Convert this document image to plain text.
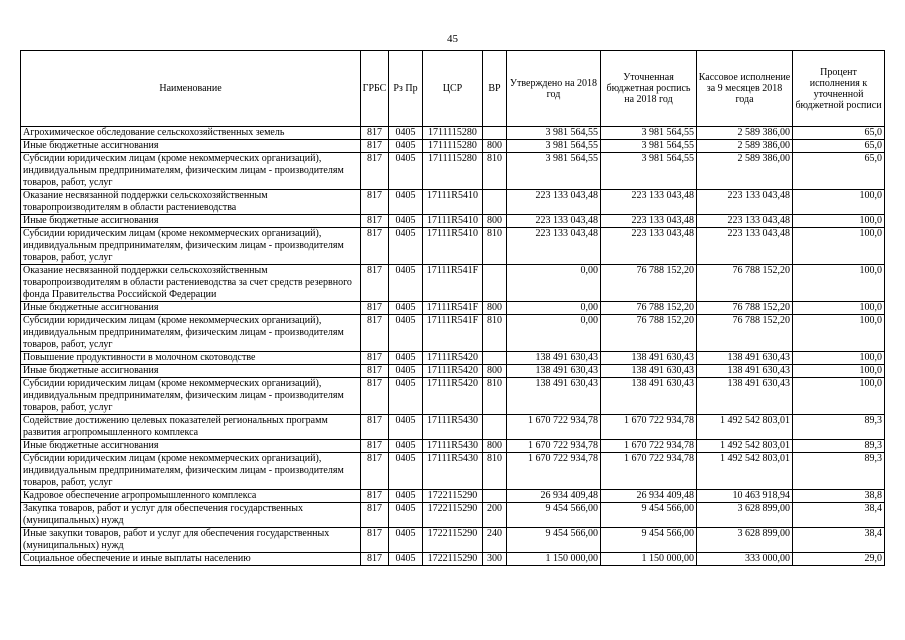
45
Наименование	ГРБС	Рз Пр	ЦСР	ВР	Утверждено на 2018 год	Уточненная бюджетная роспись на 2018 год	Кассовое исполнение за 9 месяцев 2018 года	Процент исполнения к уточненной бюджетной росписи
Агрохимическое обследование сельскохозяйственных земель	817	0405	1711115280		3 981 564,55	3 981 564,55	2 589 386,00	65,0
Иные бюджетные ассигнования	817	0405	1711115280	800	3 981 564,55	3 981 564,55	2 589 386,00	65,0
Субсидии юридическим лицам (кроме некоммерческих организаций), индивидуальным предпринимателям, физическим лицам - производителям товаров, работ, услуг	817	0405	1711115280	810	3 981 564,55	3 981 564,55	2 589 386,00	65,0
Оказание несвязанной поддержки сельскохозяйственным товаропроизводителям в области растениеводства	817	0405	17111R5410		223 133 043,48	223 133 043,48	223 133 043,48	100,0
Иные бюджетные ассигнования	817	0405	17111R5410	800	223 133 043,48	223 133 043,48	223 133 043,48	100,0
Субсидии юридическим лицам (кроме некоммерческих организаций), индивидуальным предпринимателям, физическим лицам - производителям товаров, работ, услуг	817	0405	17111R5410	810	223 133 043,48	223 133 043,48	223 133 043,48	100,0
Оказание несвязанной поддержки сельскохозяйственным товаропроизводителям в области растениеводства за счет средств резервного фонда Правительства Российской Федерации	817	0405	17111R541F		0,00	76 788 152,20	76 788 152,20	100,0
Иные бюджетные ассигнования	817	0405	17111R541F	800	0,00	76 788 152,20	76 788 152,20	100,0
Субсидии юридическим лицам (кроме некоммерческих организаций), индивидуальным предпринимателям, физическим лицам - производителям товаров, работ, услуг	817	0405	17111R541F	810	0,00	76 788 152,20	76 788 152,20	100,0
Повышение продуктивности в молочном скотоводстве	817	0405	17111R5420		138 491 630,43	138 491 630,43	138 491 630,43	100,0
Иные бюджетные ассигнования	817	0405	17111R5420	800	138 491 630,43	138 491 630,43	138 491 630,43	100,0
Субсидии юридическим лицам (кроме некоммерческих организаций), индивидуальным предпринимателям, физическим лицам - производителям товаров, работ, услуг	817	0405	17111R5420	810	138 491 630,43	138 491 630,43	138 491 630,43	100,0
Содействие достижению целевых показателей региональных программ развития агропромышленного комплекса	817	0405	17111R5430		1 670 722 934,78	1 670 722 934,78	1 492 542 803,01	89,3
Иные бюджетные ассигнования	817	0405	17111R5430	800	1 670 722 934,78	1 670 722 934,78	1 492 542 803,01	89,3
Субсидии юридическим лицам (кроме некоммерческих организаций), индивидуальным предпринимателям, физическим лицам - производителям товаров, работ, услуг	817	0405	17111R5430	810	1 670 722 934,78	1 670 722 934,78	1 492 542 803,01	89,3
Кадровое обеспечение агропромышленного комплекса	817	0405	1722115290		26 934 409,48	26 934 409,48	10 463 918,94	38,8
Закупка товаров, работ и услуг для обеспечения государственных (муниципальных) нужд	817	0405	1722115290	200	9 454 566,00	9 454 566,00	3 628 899,00	38,4
Иные закупки товаров, работ и услуг для обеспечения государственных (муниципальных) нужд	817	0405	1722115290	240	9 454 566,00	9 454 566,00	3 628 899,00	38,4
Социальное обеспечение и иные выплаты населению	817	0405	1722115290	300	1 150 000,00	1 150 000,00	333 000,00	29,0
